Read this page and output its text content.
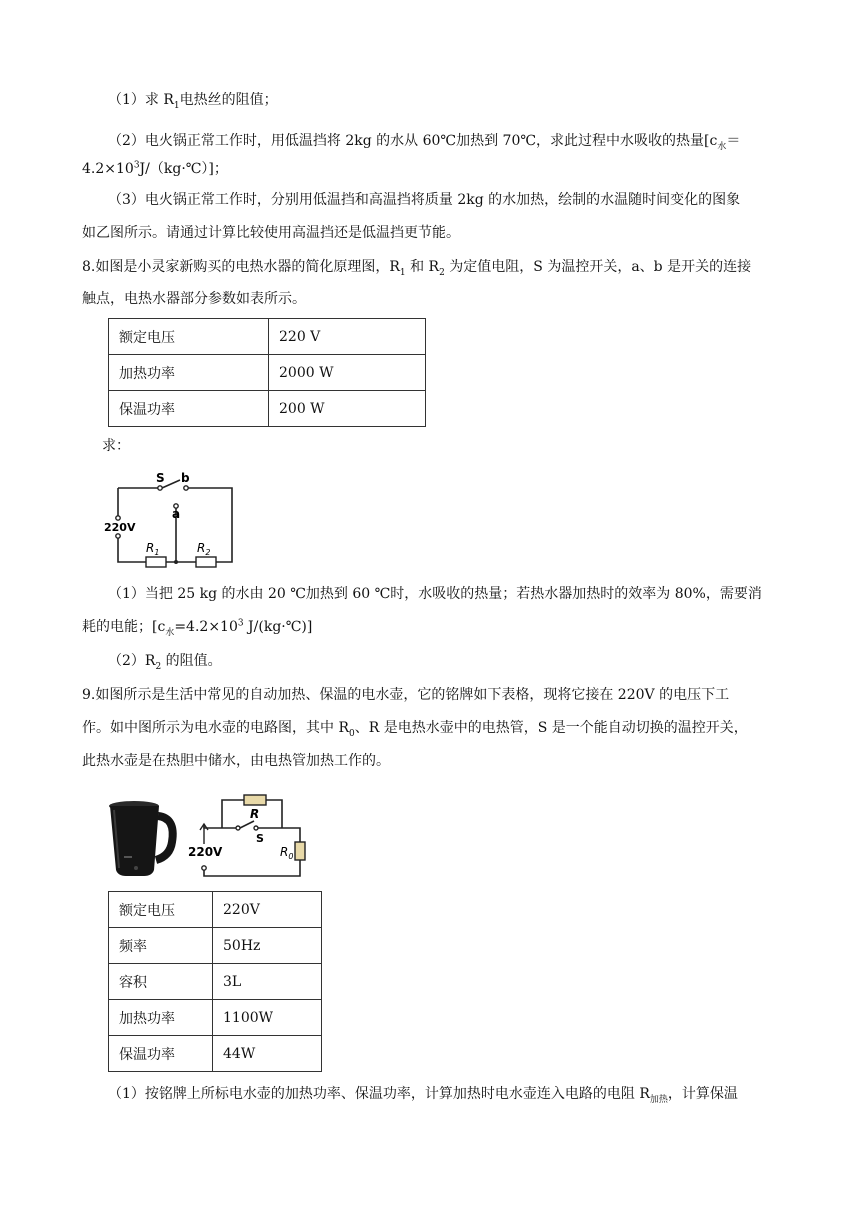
（1）求 $R_1$电热丝的阻值；
（2）电火锅正常工作时，用低温挡将 2kg 的水从 60℃加热到 70℃，求此过程中水吸收的热量[$c_水=$
$4.2\times 10^3J/(kg\cdot℃)$]；
（3）电火锅正常工作时，分别用低温挡和高温挡将质量 2kg 的水加热，绘制的水温随时间变化的图象
如乙图所示。请通过计算比较使用高温挡还是低温挡更节能。
8.如图是小灵家新购买的电热水器的简化原理图，$R_1$ 和 $R_2$ 为定值电阻，S 为温控开关，a、b 是开关的连接
触点，电热水器部分参数如表所示。
额定电压	220 V
加热功率	2000 W
保温功率	200 W
求：
S b
a
220V
$R_1$	$R_2$
（1）当把 25 kg 的水由 20 ℃加热到 60 ℃时，水吸收的热量；若热水器加热时的效率为 80%，需要消
耗的电能；[$c_水=4.2\times 10^3$ J/(kg·℃)]
$(2)R_2$ 的阻值。
9.如图所示是生活中常见的自动加热、保温的电水壶，它的铭牌如下表格，现将它接在 220V 的电压下工
作。如中图所示为电水壶的电路图，其中 $R_0$、R 是电热水壶中的电热管，S 是一个能自动切换的温控开关，
此热水壶是在热胆中储水，由电热管加热工作的。
R
S
220V	$R_0$
额定电压	220V
频率	50Hz
容积	3L
加热功率	1100W
保温功率	44W
（1）按铭牌上所标电水壶的加热功率、保温功率，计算加热时电水壶连入电路的电阻 $R_{加热}$，计算保温
